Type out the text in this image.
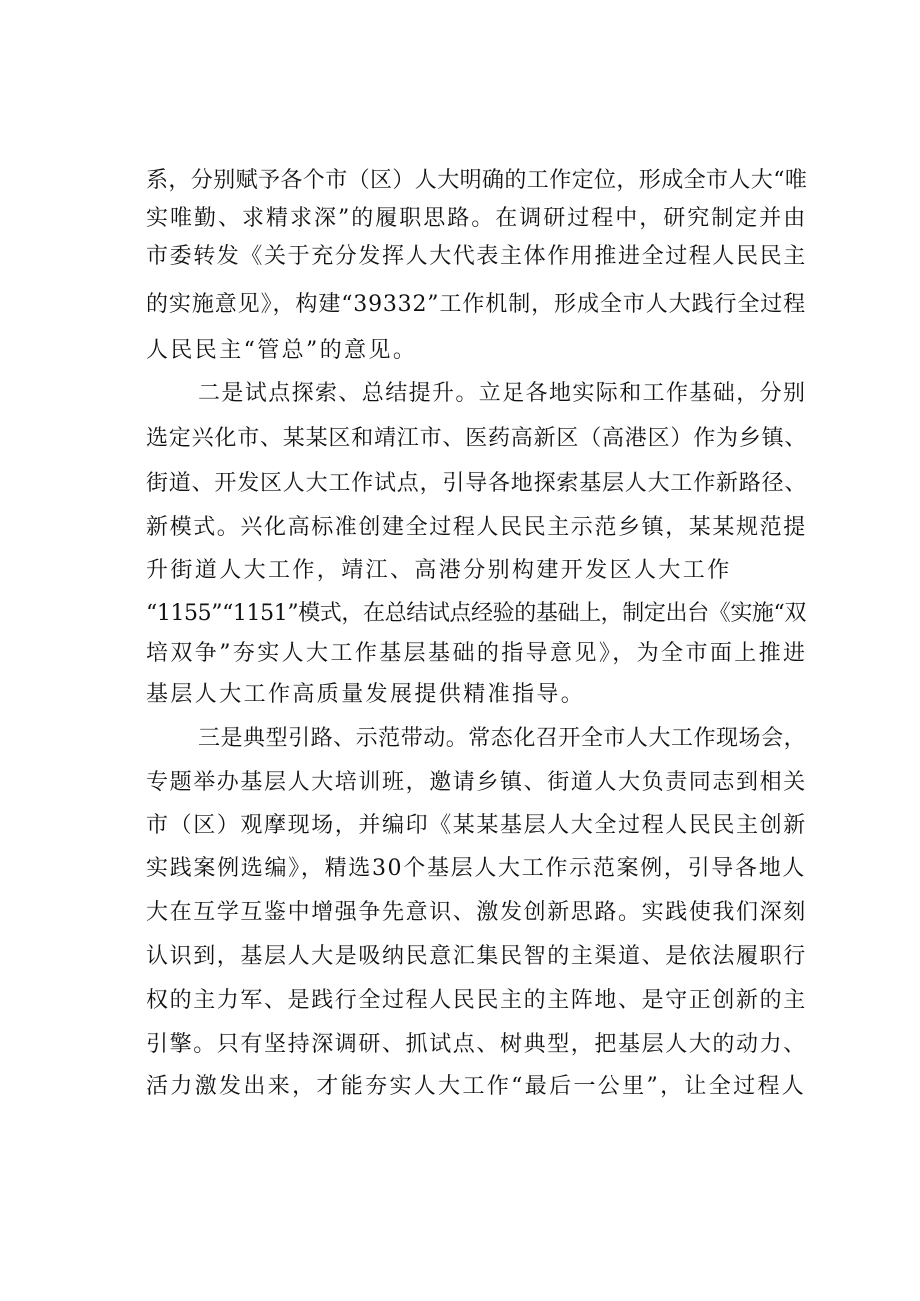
系，分别赋予各个市（区）人大明确的工作定位，形成全市人大“唯

实唯勤、求精求深”的履职思路。在调研过程中，研究制定并由

市委转发《关于充分发挥人大代表主体作用推进全过程人民民主

的实施意见》，构建“39332”工作机制，形成全市人大践行全过程

人民民主“管总”的意见。

二是试点探索、总结提升。立足各地实际和工作基础，分别

选定兴化市、某某区和靖江市、医药高新区（高港区）作为乡镇、

街道、开发区人大工作试点，引导各地探索基层人大工作新路径、

新模式。兴化高标准创建全过程人民民主示范乡镇，某某规范提

升街道人大工作，靖江、高港分别构建开发区人大工作

“1155”“1151”模式，在总结试点经验的基础上，制定出台《实施“双

培双争”夯实人大工作基层基础的指导意见》，为全市面上推进

基层人大工作高质量发展提供精准指导。

三是典型引路、示范带动。常态化召开全市人大工作现场会，

专题举办基层人大培训班，邀请乡镇、街道人大负责同志到相关

市（区）观摩现场，并编印《某某基层人大全过程人民民主创新

实践案例选编》，精选30个基层人大工作示范案例，引导各地人

大在互学互鉴中增强争先意识、激发创新思路。实践使我们深刻

认识到，基层人大是吸纳民意汇集民智的主渠道、是依法履职行

权的主力军、是践行全过程人民民主的主阵地、是守正创新的主

引擎。只有坚持深调研、抓试点、树典型，把基层人大的动力、

活力激发出来，才能夯实人大工作“最后一公里”，让全过程人
